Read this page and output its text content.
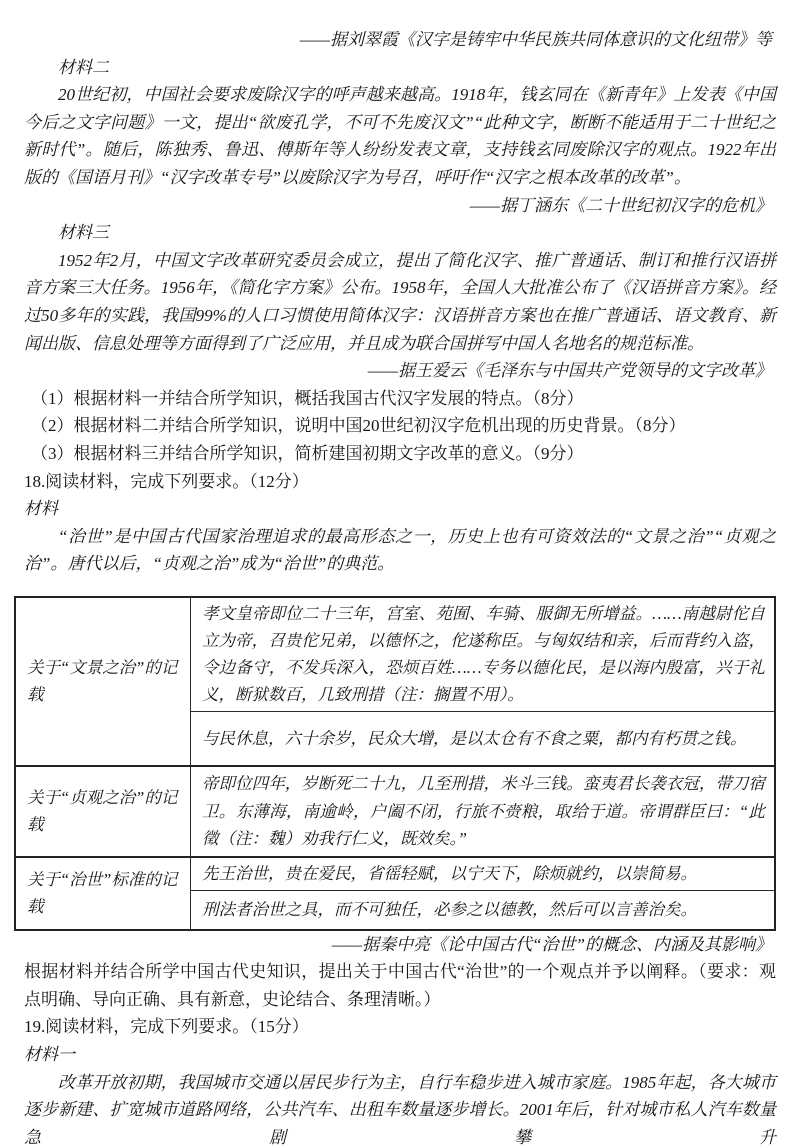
——据刘翠霞《汉字是铸牢中华民族共同体意识的文化纽带》等

材料二

20世纪初，中国社会要求废除汉字的呼声越来越高。1918年，钱玄同在《新青年》上发表《中国今后之文字问题》一文，提出“欲废孔学，不可不先废汉文”“此种文字，断断不能适用于二十世纪之新时代”。随后，陈独秀、鲁迅、傅斯年等人纷纷发表文章，支持钱玄同废除汉字的观点。1922年出版的《国语月刊》“汉字改革专号”以废除汉字为号召，呼吁作“汉字之根本改革的改革”。

——据丁涵东《二十世纪初汉字的危机》

材料三

1952年2月，中国文字改革研究委员会成立，提出了简化汉字、推广普通话、制订和推行汉语拼音方案三大任务。1956年，《简化字方案》公布。1958年，全国人大批准公布了《汉语拼音方案》。经过50多年的实践，我国99%的人口习惯使用简体汉字：汉语拼音方案也在推广普通话、语文教育、新闻出版、信息处理等方面得到了广泛应用，并且成为联合国拼写中国人名地名的规范标准。

——据王爱云《毛泽东与中国共产党领导的文字改革》

（1）根据材料一并结合所学知识，概括我国古代汉字发展的特点。（8分）

（2）根据材料二并结合所学知识，说明中国20世纪初汉字危机出现的历史背景。（8分）

（3）根据材料三并结合所学知识，简析建国初期文字改革的意义。（9分）

18.阅读材料，完成下列要求。（12分）

材料

“治世”是中国古代国家治理追求的最高形态之一，历史上也有可资效法的“文景之治”“贞观之治”。唐代以后，“贞观之治”成为“治世”的典范。

关于“文景之治”的记载	孝文皇帝即位二十三年，宫室、苑囿、车骑、服御无所增益。……南越尉佗自立为帝，召贵佗兄弟，以德怀之，佗遂称臣。与匈奴结和亲，后而背约入盗，令边备守，不发兵深入，恐烦百姓……专务以德化民，是以海内殷富，兴于礼义，断狱数百，几致刑措（注：搁置不用）。
	与民休息，六十余岁，民众大增，是以太仓有不食之粟，都内有朽贯之钱。
关于“贞观之治”的记载	帝即位四年，岁断死二十九，几至刑措，米斗三钱。蛮夷君长袭衣冠，带刀宿卫。东薄海，南逾岭，户阖不闭，行旅不赍粮，取给于道。帝谓群臣曰：“此徵（注：魏）劝我行仁义，既效矣。”
关于“治世”标准的记载	先王治世，贵在爱民，省徭轻赋，以宁天下，除烦就约，以崇简易。
	刑法者治世之具，而不可独任，必参之以德教，然后可以言善治矣。

——据秦中亮《论中国古代“治世”的概念、内涵及其影响》

根据材料并结合所学中国古代史知识，提出关于中国古代“治世”的一个观点并予以阐释。（要求：观点明确、导向正确、具有新意，史论结合、条理清晰。）

19.阅读材料，完成下列要求。（15分）

材料一

改革开放初期，我国城市交通以居民步行为主，自行车稳步进入城市家庭。1985年起，各大城市逐步新建、扩宽城市道路网络，公共汽车、出租车数量逐步增长。2001年后，针对城市私人汽车数量急剧攀升
